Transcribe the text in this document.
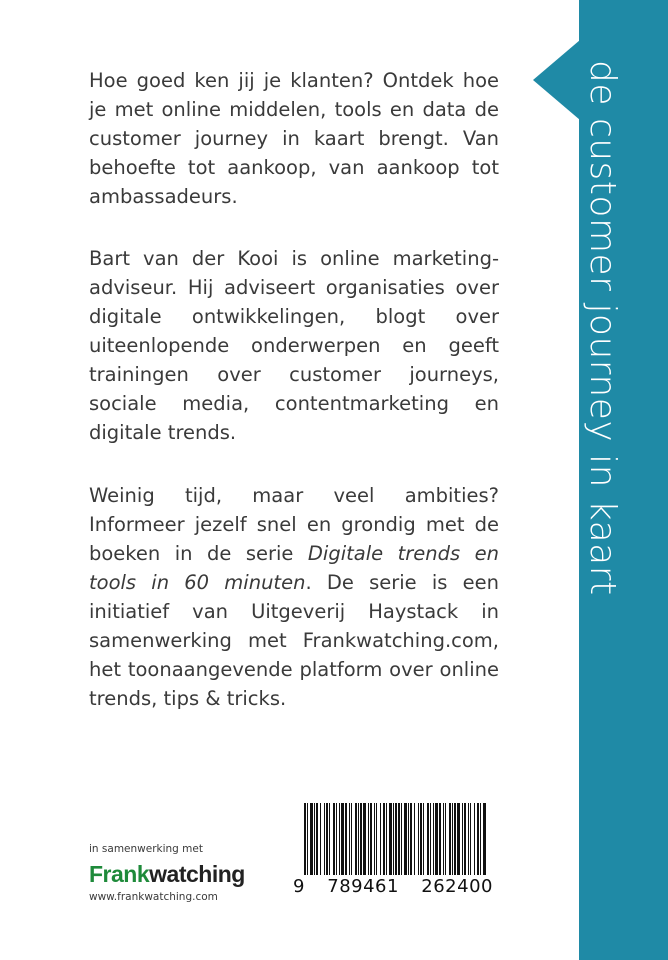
de customer journey in kaart
Hoe goed ken jij je klanten? Ontdek hoe je met online middelen, tools en data de customer journey in kaart brengt. Van behoefte tot aankoop, van aankoop tot ambassadeurs.
Bart van der Kooi is online marketing-adviseur. Hij adviseert organisaties over digitale ontwikkelingen, blogt over uiteenlopende onderwerpen en geeft trainingen over customer journeys, sociale media, contentmarketing en digitale trends.
Weinig tijd, maar veel ambities? Informeer jezelf snel en grondig met de boeken in de serie Digitale trends en tools in 60 minuten. De serie is een initiatief van Uitgeverij Haystack in samenwerking met Frankwatching.com, het toonaangevende platform over online trends, tips & tricks.
in samenwerking met
Frankwatching
www.frankwatching.com	9 789461 262400
